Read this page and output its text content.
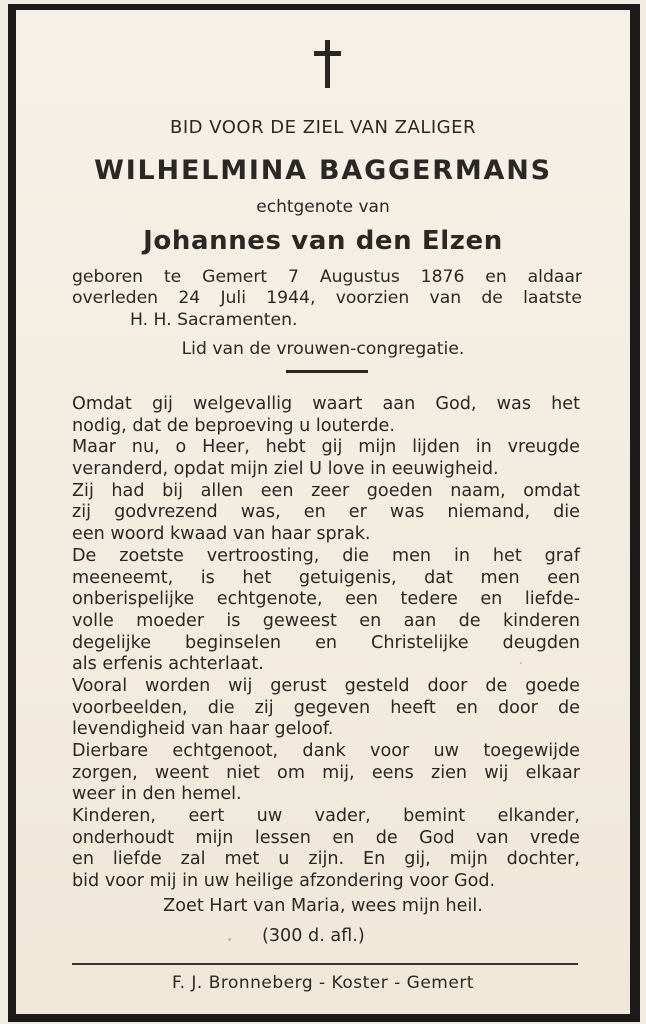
BID VOOR DE ZIEL VAN ZALIGER
WILHELMINA BAGGERMANS
echtgenote van
Johannes van den Elzen
geboren te Gemert 7 Augustus 1876 en aldaar
overleden 24 Juli 1944, voorzien van de laatste
H. H. Sacramenten.
Lid van de vrouwen-congregatie.
Omdat gij welgevallig waart aan God, was het
nodig, dat de beproeving u louterde.
Maar nu, o Heer, hebt gij mijn lijden in vreugde
veranderd, opdat mijn ziel U love in eeuwigheid.
Zij had bij allen een zeer goeden naam, omdat
zij godvrezend was, en er was niemand, die
een woord kwaad van haar sprak.
De zoetste vertroosting, die men in het graf
meeneemt, is het getuigenis, dat men een
onberispelijke echtgenote, een tedere en liefde-
volle moeder is geweest en aan de kinderen
degelijke beginselen en Christelijke deugden
als erfenis achterlaat.
Vooral worden wij gerust gesteld door de goede
voorbeelden, die zij gegeven heeft en door de
levendigheid van haar geloof.
Dierbare echtgenoot, dank voor uw toegewijde
zorgen, weent niet om mij, eens zien wij elkaar
weer in den hemel.
Kinderen, eert uw vader, bemint elkander,
onderhoudt mijn lessen en de God van vrede
en liefde zal met u zijn. En gij, mijn dochter,
bid voor mij in uw heilige afzondering voor God.
Zoet Hart van Maria, wees mijn heil.
(300 d. afl.)
F. J. Bronneberg - Koster - Gemert
